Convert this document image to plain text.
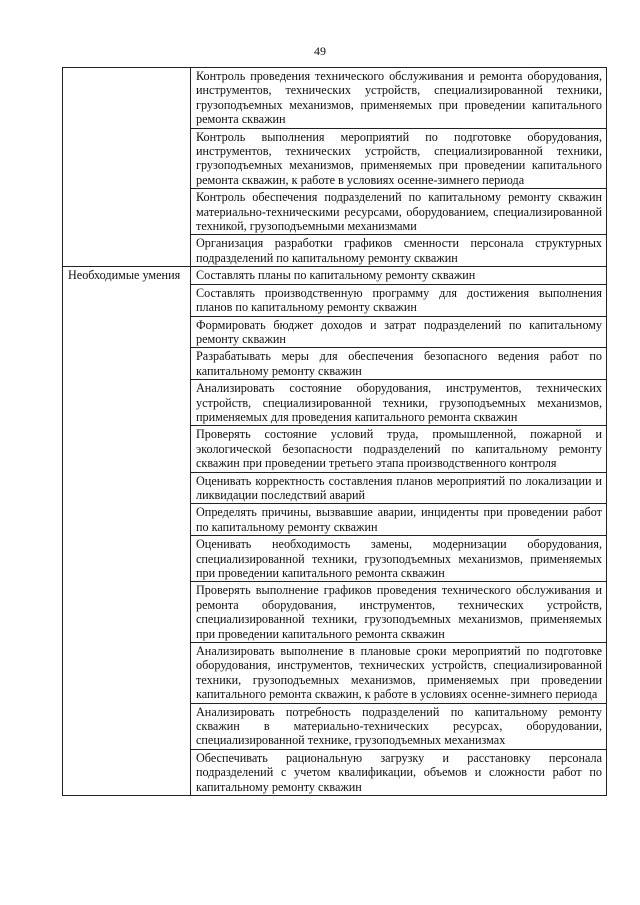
49
	Контроль проведения технического обслуживания и ремонта оборудования, инструментов, технических устройств, специализированной техники, грузоподъемных механизмов, применяемых при проведении капитального ремонта скважин
	Контроль выполнения мероприятий по подготовке оборудования, инструментов, технических устройств, специализированной техники, грузоподъемных механизмов, применяемых при проведении капитального ремонта скважин, к работе в условиях осенне-зимнего периода
	Контроль обеспечения подразделений по капитальному ремонту скважин материально-техническими ресурсами, оборудованием, специализированной техникой, грузоподъемными механизмами
	Организация разработки графиков сменности персонала структурных подразделений по капитальному ремонту скважин
Необходимые умения	Составлять планы по капитальному ремонту скважин
	Составлять производственную программу для достижения выполнения планов по капитальному ремонту скважин
	Формировать бюджет доходов и затрат подразделений по капитальному ремонту скважин
	Разрабатывать меры для обеспечения безопасного ведения работ по капитальному ремонту скважин
	Анализировать состояние оборудования, инструментов, технических устройств, специализированной техники, грузоподъемных механизмов, применяемых для проведения капитального ремонта скважин
	Проверять состояние условий труда, промышленной, пожарной и экологической безопасности подразделений по капитальному ремонту скважин при проведении третьего этапа производственного контроля
	Оценивать корректность составления планов мероприятий по локализации и ликвидации последствий аварий
	Определять причины, вызвавшие аварии, инциденты при проведении работ по капитальному ремонту скважин
	Оценивать необходимость замены, модернизации оборудования, специализированной техники, грузоподъемных механизмов, применяемых при проведении капитального ремонта скважин
	Проверять выполнение графиков проведения технического обслуживания и ремонта оборудования, инструментов, технических устройств, специализированной техники, грузоподъемных механизмов, применяемых при проведении капитального ремонта скважин
	Анализировать выполнение в плановые сроки мероприятий по подготовке оборудования, инструментов, технических устройств, специализированной техники, грузоподъемных механизмов, применяемых при проведении капитального ремонта скважин, к работе в условиях осенне-зимнего периода
	Анализировать потребность подразделений по капитальному ремонту скважин в материально-технических ресурсах, оборудовании, специализированной технике, грузоподъемных механизмах
	Обеспечивать рациональную загрузку и расстановку персонала подразделений с учетом квалификации, объемов и сложности работ по капитальному ремонту скважин
